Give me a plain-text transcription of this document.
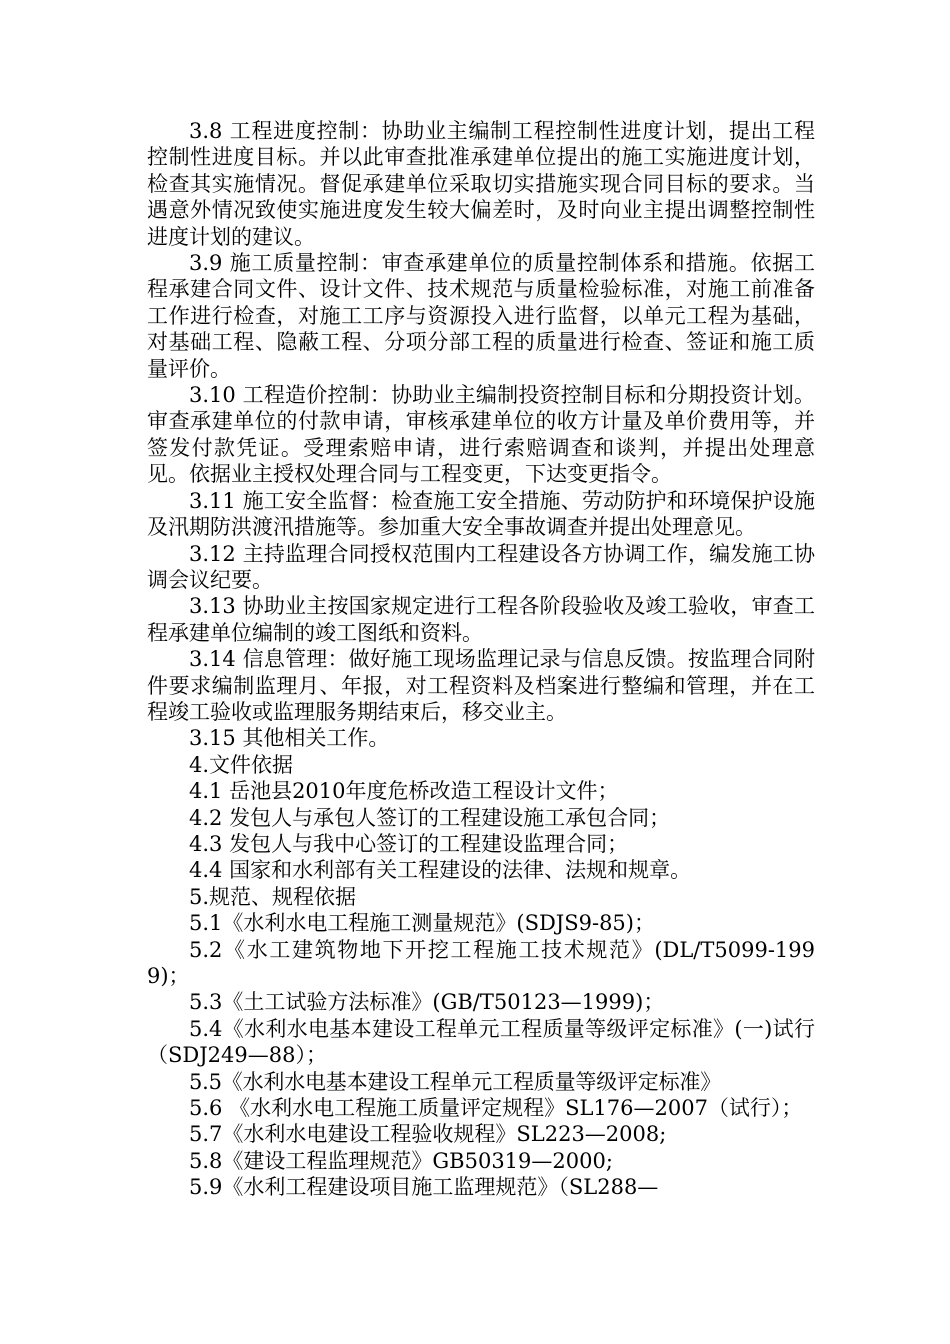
3.8 工程进度控制：协助业主编制工程控制性进度计划，提出工程控制性进度目标。并以此审查批准承建单位提出的施工实施进度计划，检查其实施情况。督促承建单位采取切实措施实现合同目标的要求。当遇意外情况致使实施进度发生较大偏差时，及时向业主提出调整控制性进度计划的建议。

3.9 施工质量控制：审查承建单位的质量控制体系和措施。依据工程承建合同文件、设计文件、技术规范与质量检验标准，对施工前准备工作进行检查，对施工工序与资源投入进行监督，以单元工程为基础，对基础工程、隐蔽工程、分项分部工程的质量进行检查、签证和施工质量评价。

3.10 工程造价控制：协助业主编制投资控制目标和分期投资计划。审查承建单位的付款申请，审核承建单位的收方计量及单价费用等，并签发付款凭证。受理索赔申请，进行索赔调查和谈判，并提出处理意见。依据业主授权处理合同与工程变更，下达变更指令。

3.11 施工安全监督：检查施工安全措施、劳动防护和环境保护设施及汛期防洪渡汛措施等。参加重大安全事故调查并提出处理意见。

3.12 主持监理合同授权范围内工程建设各方协调工作，编发施工协调会议纪要。

3.13 协助业主按国家规定进行工程各阶段验收及竣工验收，审查工程承建单位编制的竣工图纸和资料。

3.14 信息管理：做好施工现场监理记录与信息反馈。按监理合同附件要求编制监理月、年报，对工程资料及档案进行整编和管理，并在工程竣工验收或监理服务期结束后，移交业主。

3.15 其他相关工作。

4.文件依据

4.1 岳池县2010年度危桥改造工程设计文件；

4.2 发包人与承包人签订的工程建设施工承包合同；

4.3 发包人与我中心签订的工程建设监理合同；

4.4 国家和水利部有关工程建设的法律、法规和规章。

5.规范、规程依据

5.1《水利水电工程施工测量规范》(SDJS9-85)；

5.2《水工建筑物地下开挖工程施工技术规范》(DL/T5099-1999)；

5.3《土工试验方法标准》(GB/T50123—1999)；

5.4《水利水电基本建设工程单元工程质量等级评定标准》(一)试行（SDJ249—88）；

5.5《水利水电基本建设工程单元工程质量等级评定标准》

5.6 《水利水电工程施工质量评定规程》SL176—2007（试行）；

5.7《水利水电建设工程验收规程》SL223—2008;

5.8《建设工程监理规范》GB50319—2000;

5.9《水利工程建设项目施工监理规范》（SL288—
